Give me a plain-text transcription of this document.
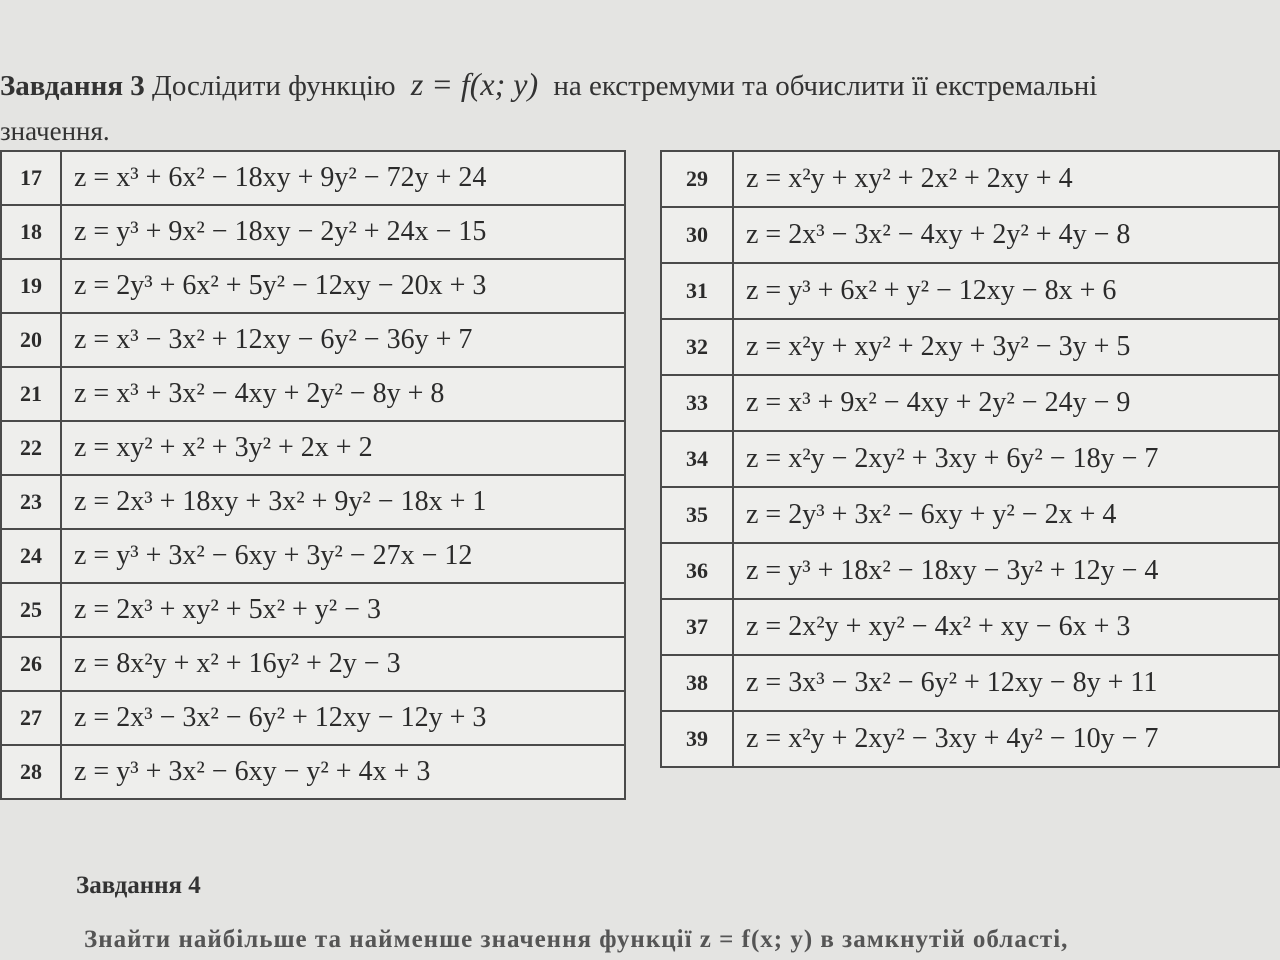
Завдання 3 Дослідити функцію z = f(x; y) на екстремуми та обчислити її екстремальні
значення.
17	z = x³ + 6x² − 18xy + 9y² − 72y + 24
18	z = y³ + 9x² − 18xy − 2y² + 24x − 15
19	z = 2y³ + 6x² + 5y² − 12xy − 20x + 3
20	z = x³ − 3x² + 12xy − 6y² − 36y + 7
21	z = x³ + 3x² − 4xy + 2y² − 8y + 8
22	z = xy² + x² + 3y² + 2x + 2
23	z = 2x³ + 18xy + 3x² + 9y² − 18x + 1
24	z = y³ + 3x² − 6xy + 3y² − 27x − 12
25	z = 2x³ + xy² + 5x² + y² − 3
26	z = 8x²y + x² + 16y² + 2y − 3
27	z = 2x³ − 3x² − 6y² + 12xy − 12y + 3
28	z = y³ + 3x² − 6xy − y² + 4x + 3
29	z = x²y + xy² + 2x² + 2xy + 4
30	z = 2x³ − 3x² − 4xy + 2y² + 4y − 8
31	z = y³ + 6x² + y² − 12xy − 8x + 6
32	z = x²y + xy² + 2xy + 3y² − 3y + 5
33	z = x³ + 9x² − 4xy + 2y² − 24y − 9
34	z = x²y − 2xy² + 3xy + 6y² − 18y − 7
35	z = 2y³ + 3x² − 6xy + y² − 2x + 4
36	z = y³ + 18x² − 18xy − 3y² + 12y − 4
37	z = 2x²y + xy² − 4x² + xy − 6x + 3
38	z = 3x³ − 3x² − 6y² + 12xy − 8y + 11
39	z = x²y + 2xy² − 3xy + 4y² − 10y − 7
Завдання 4
Знайти найбільше та найменше значення функції z = f(x; y) в замкнутій області,
